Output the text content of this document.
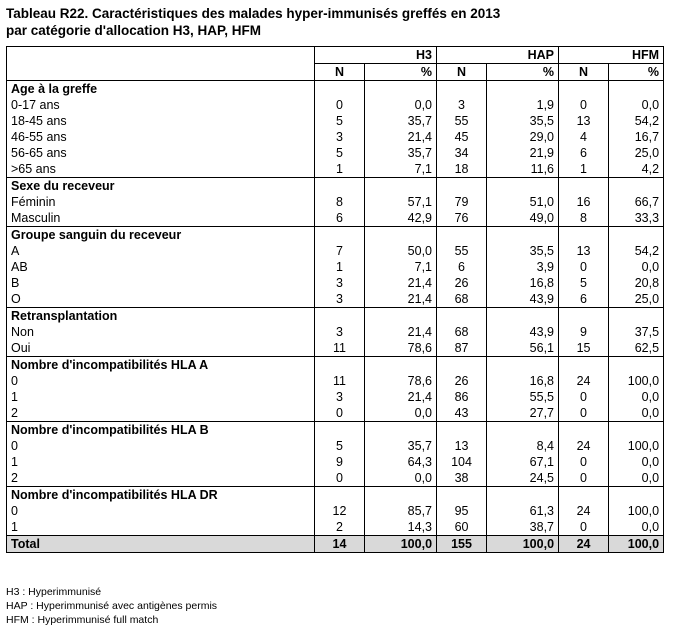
Tableau R22. Caractéristiques des malades hyper-immunisés greffés en 2013
par catégorie d'allocation H3, HAP, HFM
	H3		HAP		HFM	
	N	%	N	%	N	%
Age à la greffe						
0-17 ans	0	0,0	3	1,9	0	0,0
18-45 ans	5	35,7	55	35,5	13	54,2
46-55 ans	3	21,4	45	29,0	4	16,7
56-65 ans	5	35,7	34	21,9	6	25,0
>65 ans	1	7,1	18	11,6	1	4,2
Sexe du receveur						
Féminin	8	57,1	79	51,0	16	66,7
Masculin	6	42,9	76	49,0	8	33,3
Groupe sanguin du receveur						
A	7	50,0	55	35,5	13	54,2
AB	1	7,1	6	3,9	0	0,0
B	3	21,4	26	16,8	5	20,8
O	3	21,4	68	43,9	6	25,0
Retransplantation						
Non	3	21,4	68	43,9	9	37,5
Oui	11	78,6	87	56,1	15	62,5
Nombre d'incompatibilités HLA A						
0	11	78,6	26	16,8	24	100,0
1	3	21,4	86	55,5	0	0,0
2	0	0,0	43	27,7	0	0,0
Nombre d'incompatibilités HLA B						
0	5	35,7	13	8,4	24	100,0
1	9	64,3	104	67,1	0	0,0
2	0	0,0	38	24,5	0	0,0
Nombre d'incompatibilités HLA DR						
0	12	85,7	95	61,3	24	100,0
1	2	14,3	60	38,7	0	0,0
Total	14	100,0	155	100,0	24	100,0
H3 : Hyperimmunisé
HAP : Hyperimmunisé avec antigènes permis
HFM : Hyperimmunisé full match
